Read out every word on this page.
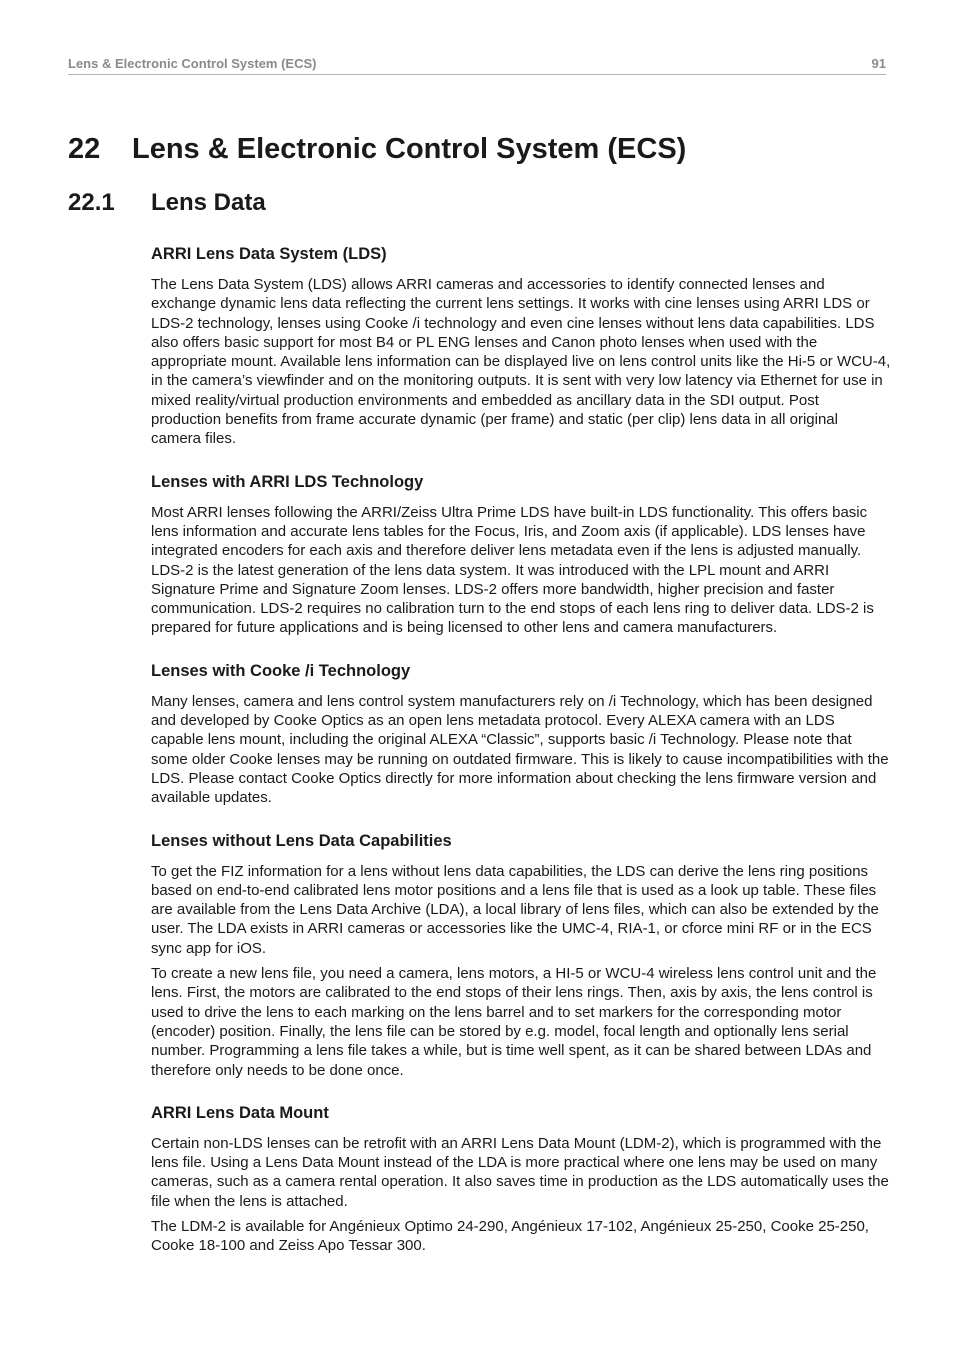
Lens & Electronic Control System (ECS)	91
22 Lens & Electronic Control System (ECS)
22.1 Lens Data
ARRI Lens Data System (LDS)

The Lens Data System (LDS) allows ARRI cameras and accessories to identify connected lenses and exchange dynamic lens data reflecting the current lens settings. It works with cine lenses using ARRI LDS or LDS-2 technology, lenses using Cooke /i technology and even cine lenses without lens data capabilities. LDS also offers basic support for most B4 or PL ENG lenses and Canon photo lenses when used with the appropriate mount. Available lens information can be displayed live on lens control units like the Hi-5 or WCU-4, in the camera’s viewfinder and on the monitoring outputs. It is sent with very low latency via Ethernet for use in mixed reality/virtual production environments and embedded as ancillary data in the SDI output. Post production benefits from frame accurate dynamic (per frame) and static (per clip) lens data in all original camera files.

Lenses with ARRI LDS Technology

Most ARRI lenses following the ARRI/Zeiss Ultra Prime LDS have built-in LDS functionality. This offers basic lens information and accurate lens tables for the Focus, Iris, and Zoom axis (if applicable). LDS lenses have integrated encoders for each axis and therefore deliver lens metadata even if the lens is adjusted manually. LDS-2 is the latest generation of the lens data system. It was introduced with the LPL mount and ARRI Signature Prime and Signature Zoom lenses. LDS-2 offers more bandwidth, higher precision and faster communication. LDS-2 requires no calibration turn to the end stops of each lens ring to deliver data. LDS-2 is prepared for future applications and is being licensed to other lens and camera manufacturers.

Lenses with Cooke /i Technology

Many lenses, camera and lens control system manufacturers rely on /i Technology, which has been designed and developed by Cooke Optics as an open lens metadata protocol. Every ALEXA camera with an LDS capable lens mount, including the original ALEXA “Classic”, supports basic /i Technology. Please note that some older Cooke lenses may be running on outdated firmware. This is likely to cause incompatibilities with the LDS. Please contact Cooke Optics directly for more information about checking the lens firmware version and available updates.

Lenses without Lens Data Capabilities

To get the FIZ information for a lens without lens data capabilities, the LDS can derive the lens ring positions based on end-to-end calibrated lens motor positions and a lens file that is used as a look up table. These files are available from the Lens Data Archive (LDA), a local library of lens files, which can also be extended by the user. The LDA exists in ARRI cameras or accessories like the UMC-4, RIA-1, or cforce mini RF or in the ECS sync app for iOS.

To create a new lens file, you need a camera, lens motors, a HI-5 or WCU-4 wireless lens control unit and the lens. First, the motors are calibrated to the end stops of their lens rings. Then, axis by axis, the lens control is used to drive the lens to each marking on the lens barrel and to set markers for the corresponding motor (encoder) position. Finally, the lens file can be stored by e.g. model, focal length and optionally lens serial number. Programming a lens file takes a while, but is time well spent, as it can be shared between LDAs and therefore only needs to be done once.

ARRI Lens Data Mount

Certain non-LDS lenses can be retrofit with an ARRI Lens Data Mount (LDM-2), which is programmed with the lens file. Using a Lens Data Mount instead of the LDA is more practical where one lens may be used on many cameras, such as a camera rental operation. It also saves time in production as the LDS automatically uses the file when the lens is attached.

The LDM-2 is available for Angénieux Optimo 24-290, Angénieux 17-102, Angénieux 25-250, Cooke 25-250, Cooke 18-100 and Zeiss Apo Tessar 300.
